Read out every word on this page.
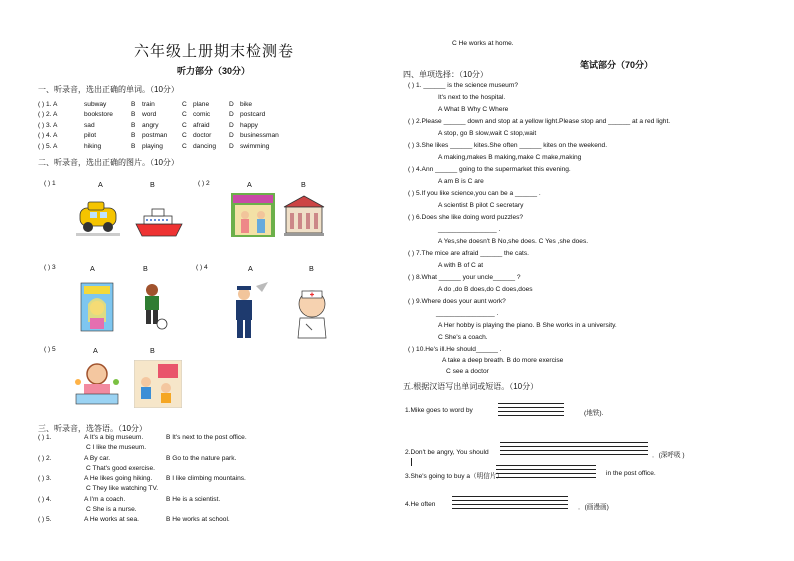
六年级上册期末检测卷
听力部分（30分）
一、听录音，选出正确的单词。（10分）
( ) 1. A	subway	B train	C plane	D bike
( ) 2. A	bookstore	B word	C comic	D postcard
( ) 3. A	sad	B angry	C afraid	D happy
( ) 4. A	pilot	B postman C doctor	D businessman
( ) 5. A	hiking	B playing	C dancing D swimming
二、听录音，选出正确的图片。（10分）
( ) 1	A	B	( ) 2	A	B
( ) 3	A	B	( ) 4	A	B
( ) 5	A	B
三、听录音，选答语。（10分）
( ) 1.	A It's a big museum.	B It's next to the post office.
C I like the museum.
( ) 2.	A By car.	B Go to the nature park.
C That's good exercise.
( ) 3.	A He likes going hiking. B I like climbing mountains.
C They like watching TV.
( ) 4.	A I'm a coach.	B He is a scientist.
C She is a nurse.
( ) 5.	A He works at sea.	B He works at school.
C He works at home.
笔试部分（70分）
四、单项选择：（10分）
( ) 1. ______ is the science museum?
It's next to the hospital.
A What B Why C Where
( ) 2.Please ______ down and stop at a yellow light.Please stop and ______ at a red light.
A stop, go B slow,wait C stop,wait
( ) 3.She likes ______ kites.She often ______ kites on the weekend.
A making,makes B making,make C make,making
( ) 4.Ann ______ going to the supermarket this evening.
A am B is C are
( ) 5.If you like science,you can be a ______ .
A scientist B pilot C secretary
( ) 6.Does she like doing word puzzles?
________________ .
A Yes,she doesn't B No,she does. C Yes ,she does.
( ) 7.The mice are afraid ______ the cats.
A with B of C at
( ) 8.What ______ your uncle______ ?
A do ,do B does,do C does,does
( ) 9.Where does your aunt work?
________________ .
A Her hobby is playing the piano. B She works in a university.
C She's a coach.
( ) 10.He's ill.He should______ .
A take a deep breath. B do more exercise
C see a doctor
五.根据汉语写出单词或短语。（10分）
1.Mike goes to word by	(地铁).
2.Don't be angry, You should	．(深呼吸 )
3.She's going to buy a（明信片）	in the post office.
4.He often	．(画漫画)
